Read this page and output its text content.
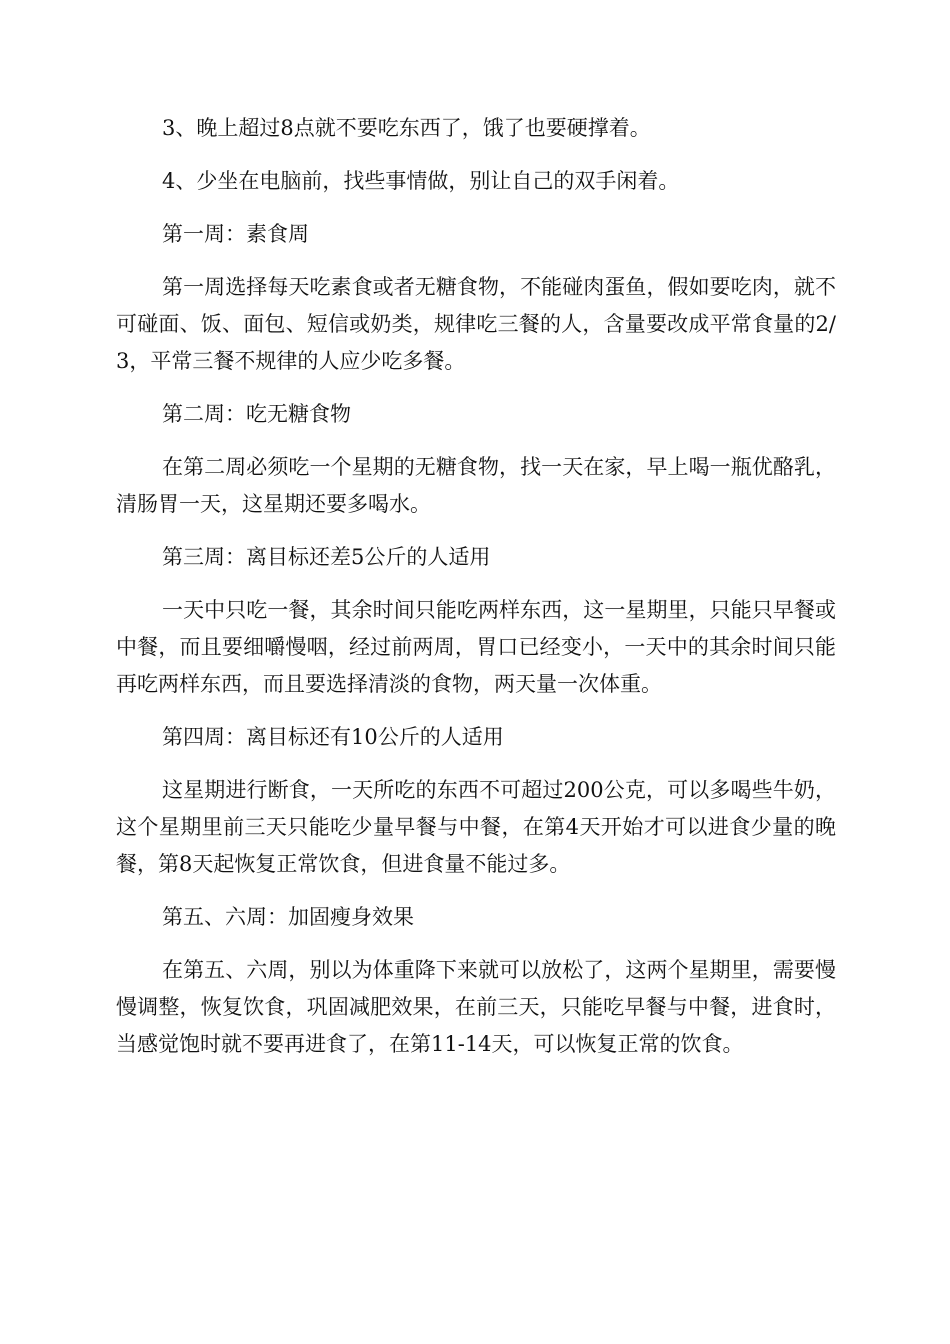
3、晚上超过8点就不要吃东西了，饿了也要硬撑着。

4、少坐在电脑前，找些事情做，别让自己的双手闲着。

第一周：素食周

第一周选择每天吃素食或者无糖食物，不能碰肉蛋鱼，假如要吃肉，就不可碰面、饭、面包、短信或奶类，规律吃三餐的人，含量要改成平常食量的2/3，平常三餐不规律的人应少吃多餐。

第二周：吃无糖食物

在第二周必须吃一个星期的无糖食物，找一天在家，早上喝一瓶优酪乳，清肠胃一天，这星期还要多喝水。

第三周：离目标还差5公斤的人适用

一天中只吃一餐，其余时间只能吃两样东西，这一星期里，只能只早餐或中餐，而且要细嚼慢咽，经过前两周，胃口已经变小，一天中的其余时间只能再吃两样东西，而且要选择清淡的食物，两天量一次体重。

第四周：离目标还有10公斤的人适用

这星期进行断食，一天所吃的东西不可超过200公克，可以多喝些牛奶，这个星期里前三天只能吃少量早餐与中餐，在第4天开始才可以进食少量的晚餐，第8天起恢复正常饮食，但进食量不能过多。

第五、六周：加固瘦身效果

在第五、六周，别以为体重降下来就可以放松了，这两个星期里，需要慢慢调整，恢复饮食，巩固减肥效果，在前三天，只能吃早餐与中餐，进食时，当感觉饱时就不要再进食了，在第11-14天，可以恢复正常的饮食。
